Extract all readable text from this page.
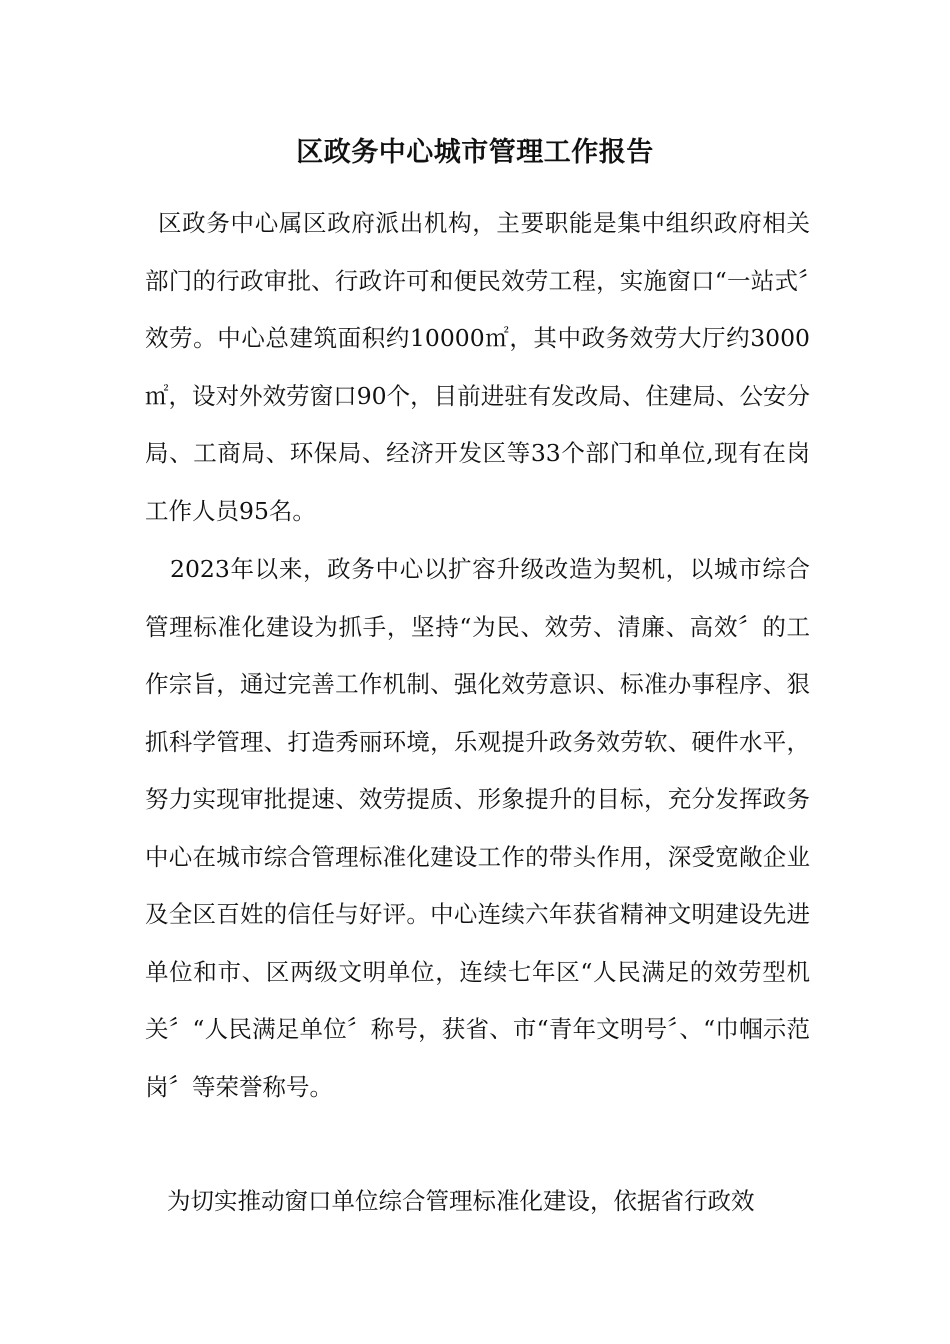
区政务中心城市管理工作报告

区政务中心属区政府派出机构，主要职能是集中组织政府相关部门的行政审批、行政许可和便民效劳工程，实施窗口“一站式〞效劳。中心总建筑面积约10000㎡，其中政务效劳大厅约3000㎡，设对外效劳窗口90个，目前进驻有发改局、住建局、公安分局、工商局、环保局、经济开发区等33个部门和单位,现有在岗工作人员95名。

2023年以来，政务中心以扩容升级改造为契机，以城市综合管理标准化建设为抓手，坚持“为民、效劳、清廉、高效〞的工作宗旨，通过完善工作机制、强化效劳意识、标准办事程序、狠抓科学管理、打造秀丽环境，乐观提升政务效劳软、硬件水平，努力实现审批提速、效劳提质、形象提升的目标，充分发挥政务中心在城市综合管理标准化建设工作的带头作用，深受宽敞企业及全区百姓的信任与好评。中心连续六年获省精神文明建设先进单位和市、区两级文明单位，连续七年区“人民满足的效劳型机关〞“人民满足单位〞称号，获省、市“青年文明号〞、“巾帼示范岗〞等荣誉称号。

为切实推动窗口单位综合管理标准化建设，依据省行政效
